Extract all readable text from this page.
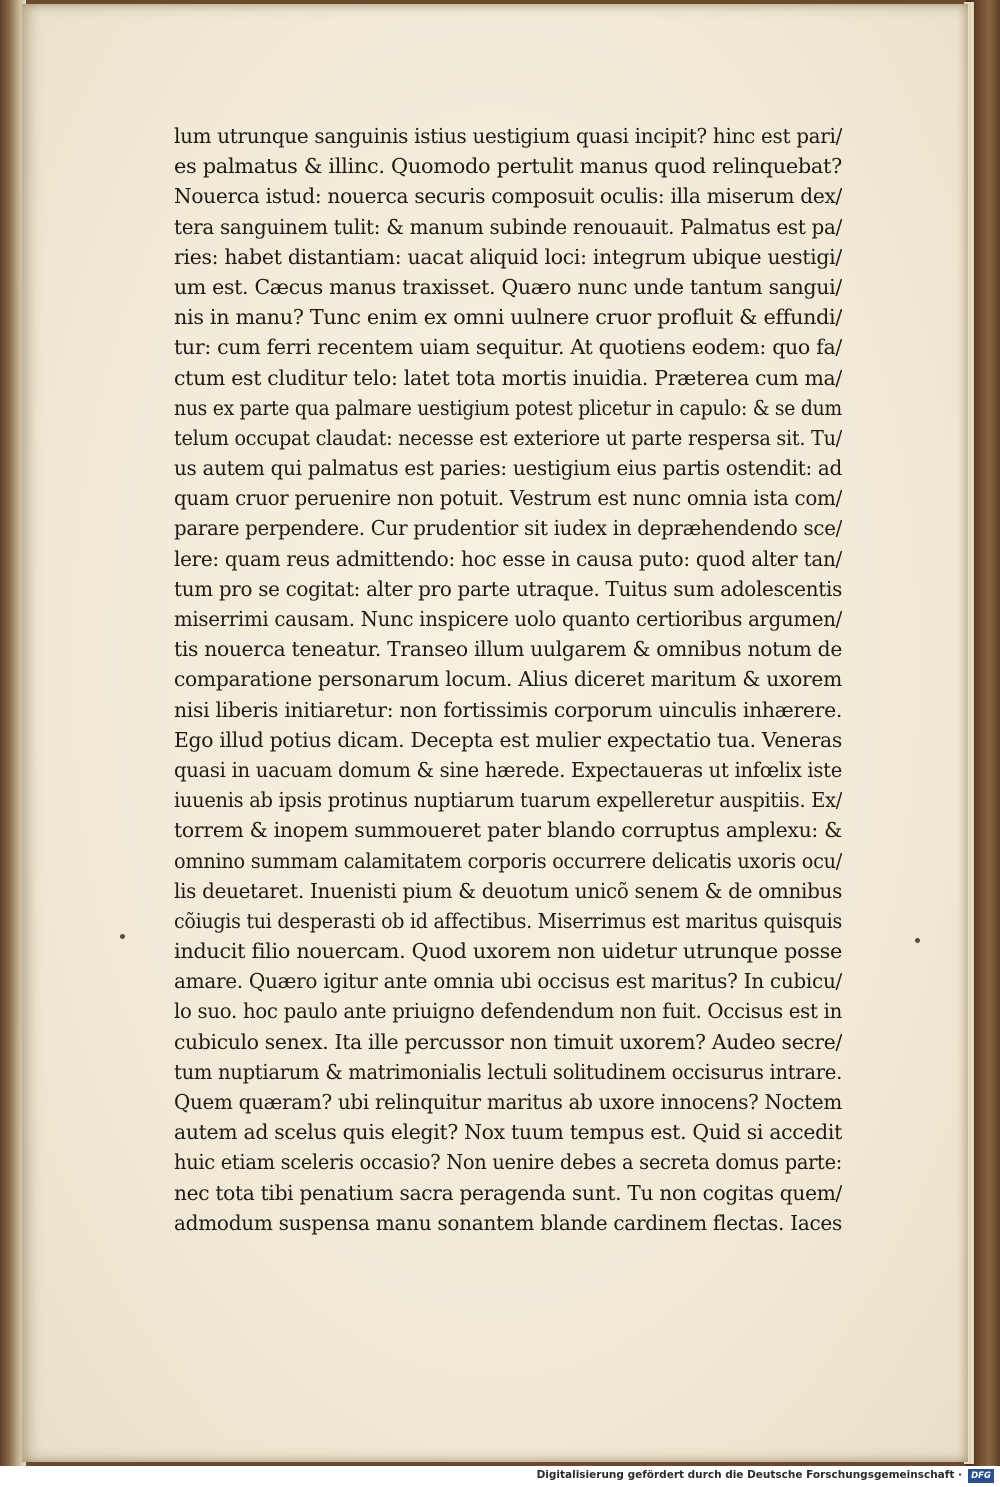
lum utrunque sanguinis istius uestigium quasi incipit? hinc est pari/
es palmatus & illinc. Quomodo pertulit manus quod relinquebat?
Nouerca istud: nouerca securis composuit oculis: illa miserum dex/
tera sanguinem tulit: & manum subinde renouauit. Palmatus est pa/
ries: habet distantiam: uacat aliquid loci: integrum ubique uestigi/
um est. Cæcus manus traxisset. Quæro nunc unde tantum sangui/
nis in manu? Tunc enim ex omni uulnere cruor profluit & effundi/
tur: cum ferri recentem uiam sequitur. At quotiens eodem: quo fa/
ctum est cluditur telo: latet tota mortis inuidia. Præterea cum ma/
nus ex parte qua palmare uestigium potest plicetur in capulo: & se dum
telum occupat claudat: necesse est exteriore ut parte respersa sit. Tu/
us autem qui palmatus est paries: uestigium eius partis ostendit: ad
quam cruor peruenire non potuit. Vestrum est nunc omnia ista com/
parare perpendere. Cur prudentior sit iudex in depræhendendo sce/
lere: quam reus admittendo: hoc esse in causa puto: quod alter tan/
tum pro se cogitat: alter pro parte utraque. Tuitus sum adolescentis
miserrimi causam. Nunc inspicere uolo quanto certioribus argumen/
tis nouerca teneatur. Transeo illum uulgarem & omnibus notum de
comparatione personarum locum. Alius diceret maritum & uxorem
nisi liberis initiaretur: non fortissimis corporum uinculis inhærere.
Ego illud potius dicam. Decepta est mulier expectatio tua. Veneras
quasi in uacuam domum & sine hærede. Expectaueras ut infœlix iste
iuuenis ab ipsis protinus nuptiarum tuarum expelleretur auspitiis. Ex/
torrem & inopem summoueret pater blando corruptus amplexu: &
omnino summam calamitatem corporis occurrere delicatis uxoris ocu/
lis deuetaret. Inuenisti pium & deuotum unicõ senem & de omnibus
cõiugis tui desperasti ob id affectibus. Miserrimus est maritus quisquis
inducit filio nouercam. Quod uxorem non uidetur utrunque posse
amare. Quæro igitur ante omnia ubi occisus est maritus? In cubicu/
lo suo. hoc paulo ante priuigno defendendum non fuit. Occisus est in
cubiculo senex. Ita ille percussor non timuit uxorem? Audeo secre/
tum nuptiarum & matrimonialis lectuli solitudinem occisurus intrare.
Quem quæram? ubi relinquitur maritus ab uxore innocens? Noctem
autem ad scelus quis elegit? Nox tuum tempus est. Quid si accedit
huic etiam sceleris occasio? Non uenire debes a secreta domus parte:
nec tota tibi penatium sacra peragenda sunt. Tu non cogitas quem/
admodum suspensa manu sonantem blande cardinem flectas. Iaces
Digitalisierung gefördert durch die Deutsche Forschungsgemeinschaft ·	DFG
